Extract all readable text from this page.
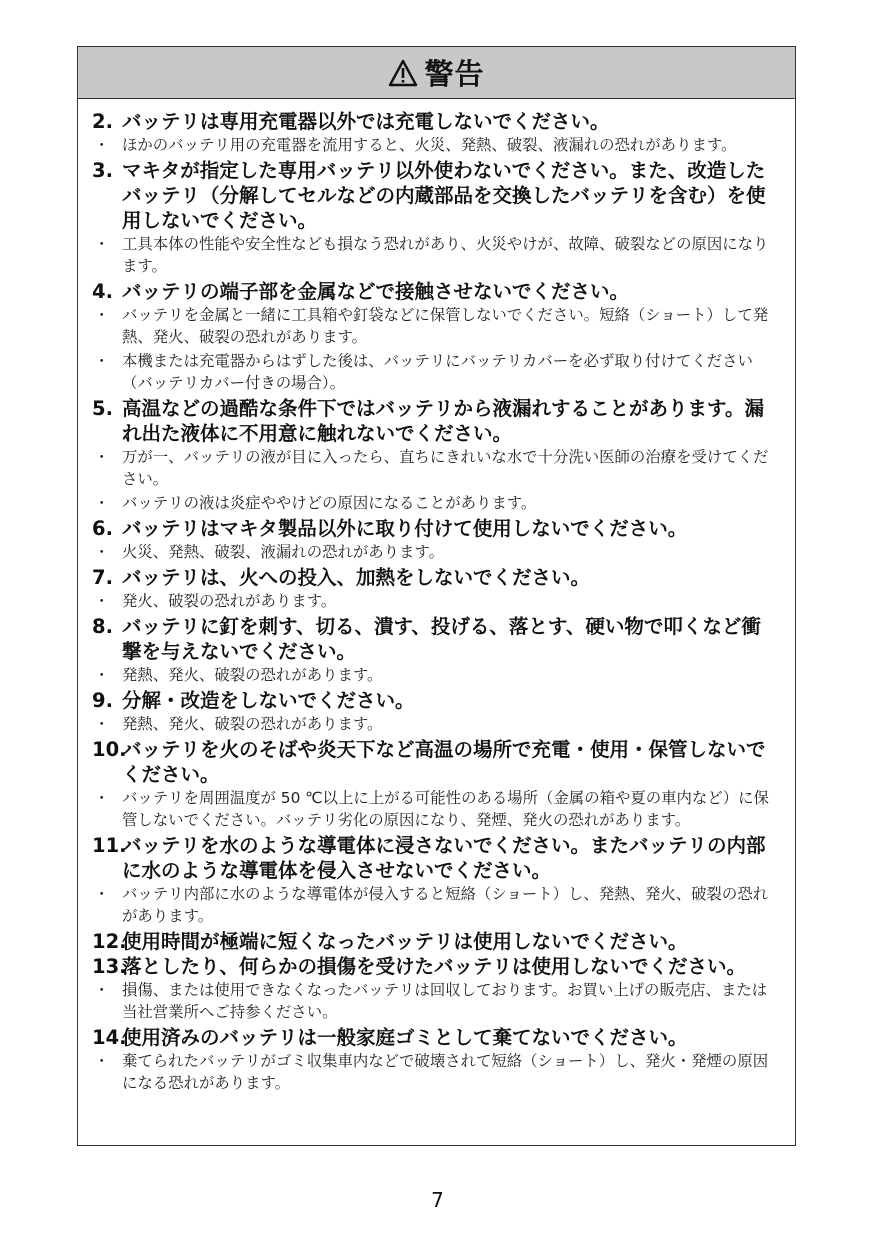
警告
2. バッテリは専用充電器以外では充電しないでください。
・ ほかのバッテリ用の充電器を流用すると、火災、発熱、破裂、液漏れの恐れがあります。
3. マキタが指定した専用バッテリ以外使わないでください。また、改造したバッテリ（分解してセルなどの内蔵部品を交換したバッテリを含む）を使用しないでください。
・ 工具本体の性能や安全性なども損なう恐れがあり、火災やけが、故障、破裂などの原因になります。
4. バッテリの端子部を金属などで接触させないでください。
・ バッテリを金属と一緒に工具箱や釘袋などに保管しないでください。短絡（ショート）して発熱、発火、破裂の恐れがあります。
・ 本機または充電器からはずした後は、バッテリにバッテリカバーを必ず取り付けてください（バッテリカバー付きの場合）。
5. 高温などの過酷な条件下ではバッテリから液漏れすることがあります。漏れ出た液体に不用意に触れないでください。
・ 万が一、バッテリの液が目に入ったら、直ちにきれいな水で十分洗い医師の治療を受けてください。
・ バッテリの液は炎症ややけどの原因になることがあります。
6. バッテリはマキタ製品以外に取り付けて使用しないでください。
・ 火災、発熱、破裂、液漏れの恐れがあります。
7. バッテリは、火への投入、加熱をしないでください。
・ 発火、破裂の恐れがあります。
8. バッテリに釘を刺す、切る、潰す、投げる、落とす、硬い物で叩くなど衝撃を与えないでください。
・ 発熱、発火、破裂の恐れがあります。
9. 分解・改造をしないでください。
・ 発熱、発火、破裂の恐れがあります。
10.
バッテリを火のそばや炎天下など高温の場所で充電・使用・保管しないでください。
・ バッテリを周囲温度が 50 ℃以上に上がる可能性のある場所（金属の箱や夏の車内など）に保管しないでください。バッテリ劣化の原因になり、発煙、発火の恐れがあります。
11.
バッテリを水のような導電体に浸さないでください。またバッテリの内部に水のような導電体を侵入させないでください。
・ バッテリ内部に水のような導電体が侵入すると短絡（ショート）し、発熱、発火、破裂の恐れがあります。
12.
使用時間が極端に短くなったバッテリは使用しないでください。
13.
落としたり、何らかの損傷を受けたバッテリは使用しないでください。
・ 損傷、または使用できなくなったバッテリは回収しております。お買い上げの販売店、または当社営業所へご持参ください。
14.
使用済みのバッテリは一般家庭ゴミとして棄てないでください。
・ 棄てられたバッテリがゴミ収集車内などで破壊されて短絡（ショート）し、発火・発煙の原因になる恐れがあります。
7
